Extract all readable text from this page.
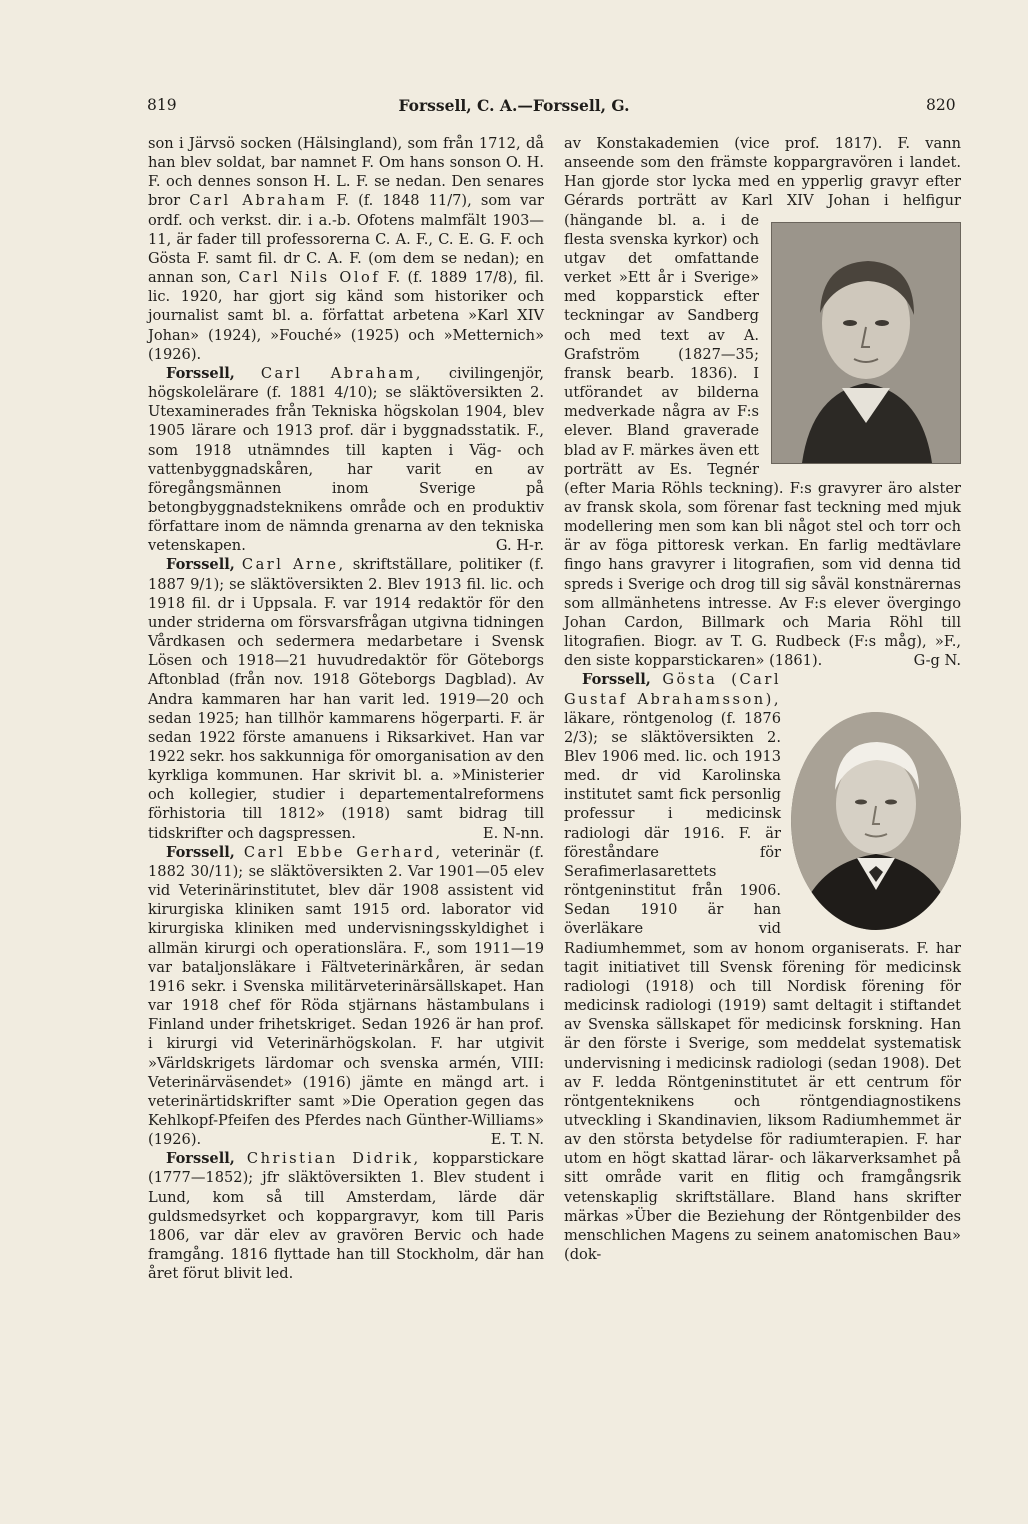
819	Forssell, C. A.—Forssell, G.	820

son i Järvsö socken (Hälsingland), som från 1712, då han blev soldat, bar namnet F. Om hans sonson O. H. F. och dennes sonson H. L. F. se nedan. Den senares bror Carl Abraham F. (f. 1848 11/7), som var ordf. och verkst. dir. i a.-b. Ofotens malmfält 1903—11, är fader till professorerna C. A. F., C. E. G. F. och Gösta F. samt fil. dr C. A. F. (om dem se nedan); en annan son, Carl Nils Olof F. (f. 1889 17/8), fil. lic. 1920, har gjort sig känd som historiker och journalist samt bl. a. författat arbetena »Karl XIV Johan» (1924), »Fouché» (1925) och »Metternich» (1926).

Forssell, Carl Abraham, civilingenjör, högskolelärare (f. 1881 4/10); se släktöversikten 2. Utexaminerades från Tekniska högskolan 1904, blev 1905 lärare och 1913 prof. där i byggnadsstatik. F., som 1918 utnämndes till kapten i Väg- och vattenbyggnadskåren, har varit en av föregångsmännen inom Sverige på betongbyggnadsteknikens område och en produktiv författare inom de nämnda grenarna av den tekniska vetenskapen.	G. H-r.

Forssell, Carl Arne, skriftställare, politiker (f. 1887 9/1); se släktöversikten 2. Blev 1913 fil. lic. och 1918 fil. dr i Uppsala. F. var 1914 redaktör för den under striderna om försvarsfrågan utgivna tidningen Vårdkasen och sedermera medarbetare i Svensk Lösen och 1918—21 huvudredaktör för Göteborgs Aftonblad (från nov. 1918 Göteborgs Dagblad). Av Andra kammaren har han varit led. 1919—20 och sedan 1925; han tillhör kammarens högerparti. F. är sedan 1922 förste amanuens i Riksarkivet. Han var 1922 sekr. hos sakkunniga för omorganisation av den kyrkliga kommunen. Har skrivit bl. a. »Ministerier och kollegier, studier i departementalreformens förhistoria till 1812» (1918) samt bidrag till tidskrifter och dagspressen.	E. N-nn.

Forssell, Carl Ebbe Gerhard, veterinär (f. 1882 30/11); se släktöversikten 2. Var 1901—05 elev vid Veterinärinstitutet, blev där 1908 assistent vid kirurgiska kliniken samt 1915 ord. laborator vid kirurgiska kliniken med undervisningsskyldighet i allmän kirurgi och operationslära. F., som 1911—19 var bataljonsläkare i Fältveterinärkåren, är sedan 1916 sekr. i Svenska militärveterinärsällskapet. Han var 1918 chef för Röda stjärnans hästambulans i Finland under frihetskriget. Sedan 1926 är han prof. i kirurgi vid Veterinärhögskolan. F. har utgivit »Världskrigets lärdomar och svenska armén, VIII: Veterinärväsendet» (1916) jämte en mängd art. i veterinärtidskrifter samt »Die Operation gegen das Kehlkopf-Pfeifen des Pferdes nach Günther-Williams» (1926).	E. T. N.

Forssell, Christian Didrik, kopparstickare (1777—1852); jfr släktöversikten 1. Blev student i Lund, kom så till Amsterdam, lärde där guldsmedsyrket och kopparg​ravyr, kom till Paris 1806, var där elev av gravören Bervic och hade framgång. 1816 flyttade han till Stockholm, där han året förut blivit led.

av Konstakademien (vice prof. 1817). F. vann anseende som den främste koppargravören i landet. Han gjorde stor lycka med en ypperlig gravyr efter Gérards porträtt av Karl XIV Johan i helfigur (hängande bl. a. i de flesta svenska kyrkor) och utgav det omfattande verket »Ett år i Sverige» med kopparstick efter teckningar av Sandberg och med text av A. Grafström (1827—35; fransk bearb. 1836). I utförandet av bilderna medverkade några av F:s elever. Bland graverade blad av F. märkes även ett porträtt av Es. Tegnér (efter Maria Röhls teckning). F:s gravyrer äro alster av fransk skola, som förenar fast teckning med mjuk modellering men som kan bli något stel och torr och är av föga pittoresk verkan. En farlig medtävlare fingo hans gravyrer i litografien, som vid denna tid spreds i Sverige och drog till sig såväl konstnärernas som allmänhetens intresse. Av F:s elever övergingo Johan Cardon, Billmark och Maria Röhl till litografien. Biogr. av T. G. Rudbeck (F:s måg), »F., den siste kopparstickaren» (1861).	G-g N.

Forssell, Gösta (Carl Gustaf Abrahamsson), läkare, röntgenolog (f. 1876 2/3); se släktöversikten 2. Blev 1906 med. lic. och 1913 med. dr vid Karolinska institutet samt fick personlig professur i medicinsk radiologi där 1916. F. är föreståndare för Serafimerlasarettets röntgeninstitut från 1906. Sedan 1910 är han överläkare vid Radiumhemmet, som av honom organiserats. F. har tagit initiativet till Svensk förening för medicinsk radiologi (1918) och till Nordisk förening för medicinsk radiologi (1919) samt deltagit i stiftandet av Svenska sällskapet för medicinsk forskning. Han är den förste i Sverige, som meddelat systematisk undervisning i medicinsk radiologi (sedan 1908). Det av F. ledda Röntgeninstitutet är ett centrum för röntgenteknikens och röntgendiagnostikens utveckling i Skandinavien, liksom Radiumhemmet är av den största betydelse för radiumterapien. F. har utom en högt skattad lärar- och läkarverksamhet på sitt område varit en flitig och framgångsrik vetenskaplig skriftställare. Bland hans skrifter märkas »Über die Beziehung der Röntgenbilder des menschlichen Magens zu seinem anatomischen Bau» (dok-
